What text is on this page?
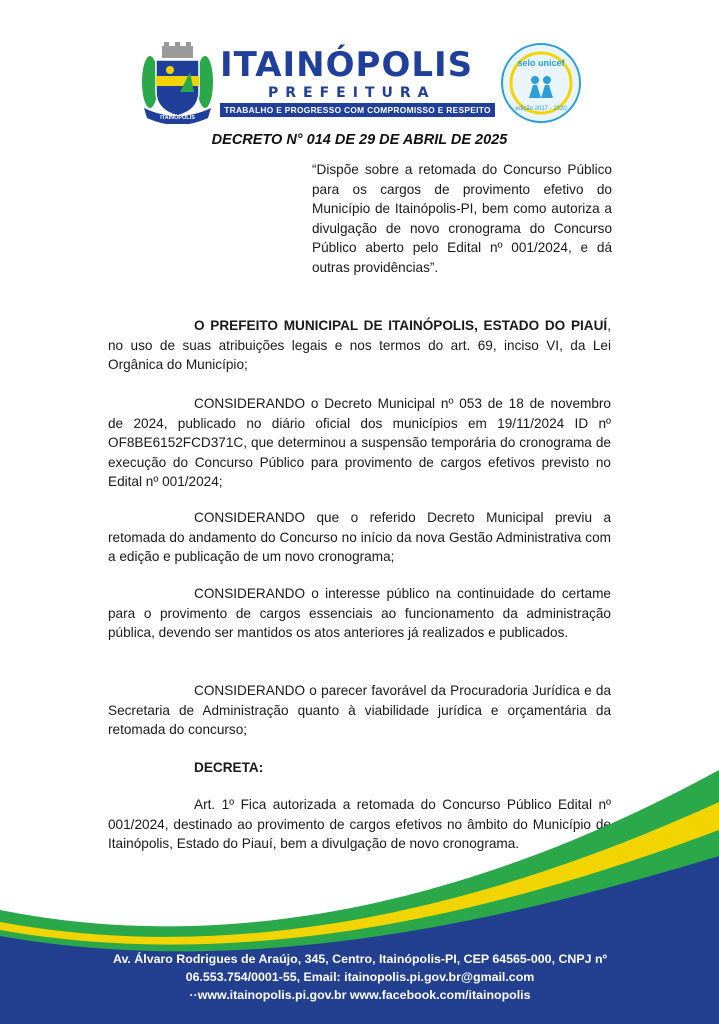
ITAINÓPOLIS
ITAINÓPOLIS
PREFEITURA
TRABALHO E PROGRESSO COM COMPROMISSO E RESPEITO
selo unicef
edição 2017 - 2020
DECRETO N° 014 DE 29 DE ABRIL DE 2025
“Dispõe sobre a retomada do Concurso Público para os cargos de provimento efetivo do Município de Itainópolis-PI, bem como autoriza a divulgação de novo cronograma do Concurso Público aberto pelo Edital nº 001/2024, e dá outras providências”.
O PREFEITO MUNICIPAL DE ITAINÓPOLIS, ESTADO DO PIAUÍ, no uso de suas atribuições legais e nos termos do art. 69, inciso VI, da Lei Orgânica do Município;
CONSIDERANDO o Decreto Municipal nº 053 de 18 de novembro de 2024, publicado no diário oficial dos municípios em 19/11/2024 ID nº OF8BE6152FCD371C, que determinou a suspensão temporária do cronograma de execução do Concurso Público para provimento de cargos efetivos previsto no Edital nº 001/2024;
CONSIDERANDO que o referido Decreto Municipal previu a retomada do andamento do Concurso no início da nova Gestão Administrativa com a edição e publicação de um novo cronograma;
CONSIDERANDO o interesse público na continuidade do certame para o provimento de cargos essenciais ao funcionamento da administração pública, devendo ser mantidos os atos anteriores já realizados e publicados.
CONSIDERANDO o parecer favorável da Procuradoria Jurídica e da Secretaria de Administração quanto à viabilidade jurídica e orçamentária da retomada do concurso;
DECRETA:
Art. 1º Fica autorizada a retomada do Concurso Público Edital nº 001/2024, destinado ao provimento de cargos efetivos no âmbito do Município de Itainópolis, Estado do Piauí, bem a divulgação de novo cronograma.
Av. Álvaro Rodrigues de Araújo, 345, Centro, Itainópolis-PI, CEP 64565-000, CNPJ nº 06.553.754/0001-55, Email: itainopolis.pi.gov.br@gmail.com
··www.itainopolis.pi.gov.br www.facebook.com/itainopolis
